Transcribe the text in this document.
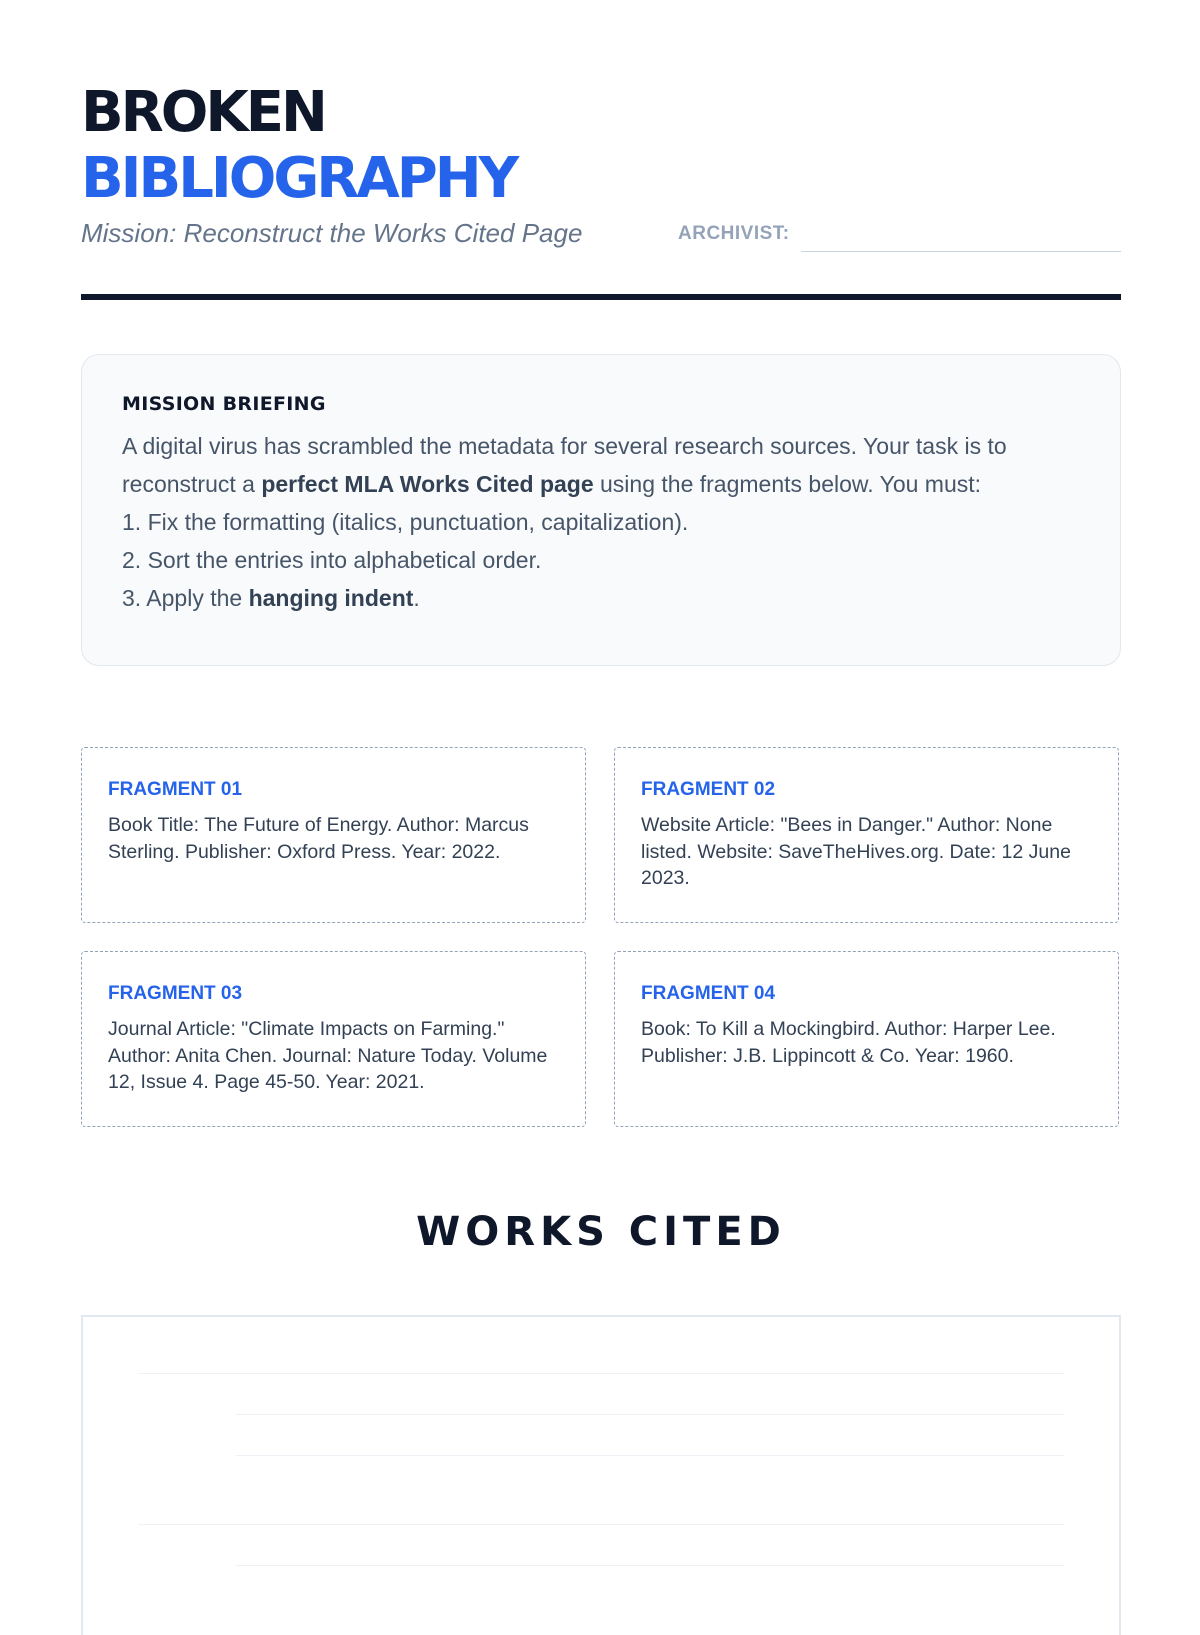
BROKEN
BIBLIOGRAPHY
Mission: Reconstruct the Works Cited Page	ARCHIVIST:
MISSION BRIEFING

A digital virus has scrambled the metadata for several research sources. Your task is to reconstruct a perfect MLA Works Cited page using the fragments below. You must:

1. Fix the formatting (italics, punctuation, capitalization).

2. Sort the entries into alphabetical order.

3. Apply the hanging indent.

FRAGMENT 01

Book Title: The Future of Energy. Author: Marcus Sterling. Publisher: Oxford Press. Year: 2022.

FRAGMENT 02

Website Article: "Bees in Danger." Author: None listed. Website: SaveTheHives.org. Date: 12 June 2023.

FRAGMENT 03

Journal Article: "Climate Impacts on Farming." Author: Anita Chen. Journal: Nature Today. Volume 12, Issue 4. Page 45-50. Year: 2021.

FRAGMENT 04

Book: To Kill a Mockingbird. Author: Harper Lee. Publisher: J.B. Lippincott & Co. Year: 1960.

WORKS CITED
